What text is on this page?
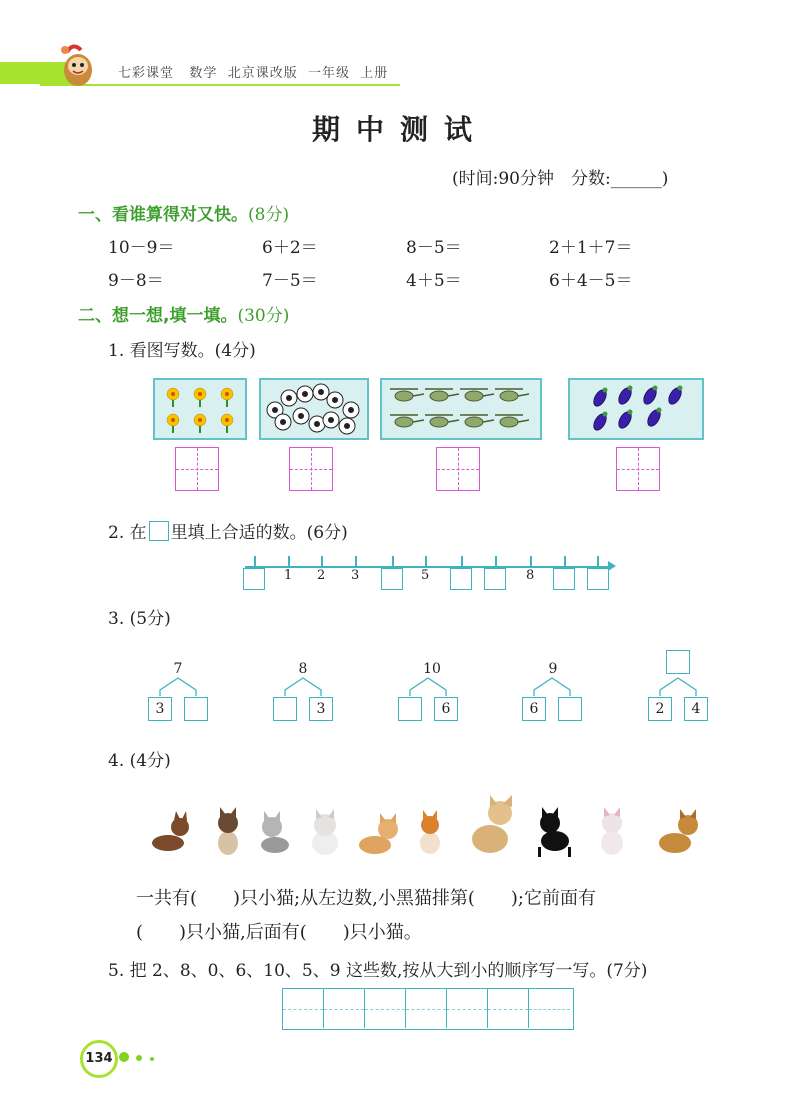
七彩课堂 数学 北京课改版 一年级 上册
期中测试
(时间:90分钟　分数:______)
一、看谁算得对又快。(8分)
10－9＝	6＋2＝	8－5＝	2＋1＋7＝
9－8＝	7－5＝	4＋5＝	6＋4－5＝
二、想一想,填一填。(30分)
1. 看图写数。(4分)
2. 在 里填上合适的数。(6分)
1 2 3	5	8
3. (5分)
7
3
8
3
10
6
9
6	2	4
4. (4分)
一共有(　　)只小猫;从左边数,小黑猫排第(　　);它前面有
(　　)只小猫,后面有(　　)只小猫。
5. 把 2、8、0、6、10、5、9 这些数,按从大到小的顺序写一写。(7分)
134
